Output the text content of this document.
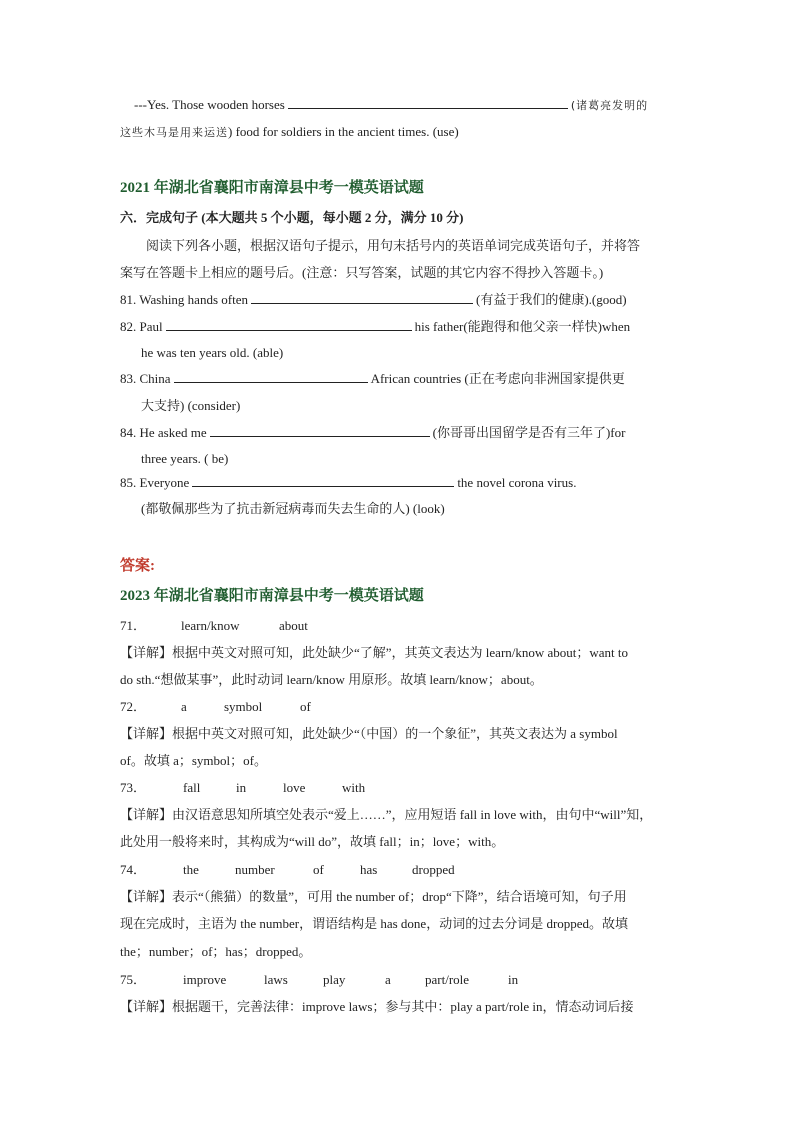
---Yes. Those wooden horses	(诸葛亮发明的
这些木马是用来运送) food for soldiers in the ancient times. (use)
2021 年湖北省襄阳市南漳县中考一模英语试题
六．完成句子 (本大题共 5 个小题，每小题 2 分，满分 10 分)
阅读下列各小题，根据汉语句子提示，用句末括号内的英语单词完成英语句子，并将答
案写在答题卡上相应的题号后。(注意：只写答案，试题的其它内容不得抄入答题卡。)
81. Washing hands often	(有益于我们的健康).(good)
82. Paul	his father(能跑得和他父亲一样快)when
he was ten years old. (able)
83. China	African countries (正在考虑向非洲国家提供更
大支持) (consider)
84. He asked me	(你哥哥出国留学是否有三年了)for
three years. ( be)
85. Everyone	the novel corona virus.
(都敬佩那些为了抗击新冠病毒而失去生命的人) (look)
答案:
2023 年湖北省襄阳市南漳县中考一模英语试题
71．	learn/know	about
【详解】根据中英文对照可知，此处缺少“了解”，其英文表达为 learn/know about；want to
do sth.“想做某事”，此时动词 learn/know 用原形。故填 learn/know；about。
72．	a	symbol	of
【详解】根据中英文对照可知，此处缺少“（中国）的一个象征”，其英文表达为 a symbol
of。故填 a；symbol；of。
73．	fall	in	love	with
【详解】由汉语意思知所填空处表示“爱上……”，应用短语 fall in love with，由句中“will”知，
此处用一般将来时，其构成为“will do”，故填 fall；in；love；with。
74．	the	number	of	has	dropped
【详解】表示“（熊猫）的数量”，可用 the number of；drop“下降”，结合语境可知，句子用
现在完成时，主语为 the number，谓语结构是 has done，动词的过去分词是 dropped。故填
the；number；of；has；dropped。
75．	improve	laws	play	a	part/role	in
【详解】根据题干，完善法律：improve laws；参与其中：play a part/role in，情态动词后接
